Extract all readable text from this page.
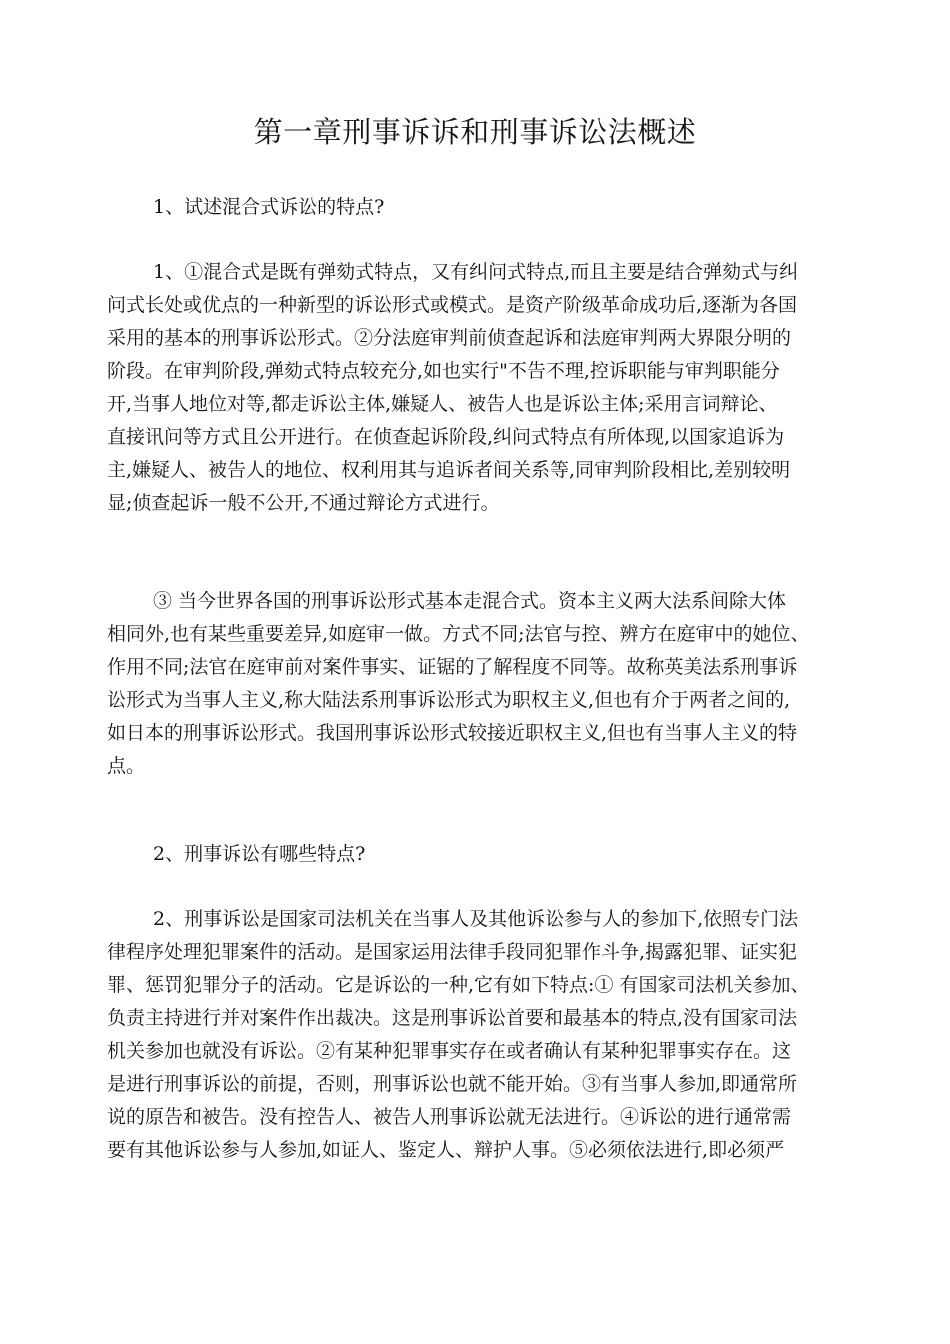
第一章刑事诉诉和刑事诉讼法概述

1、试述混合式诉讼的特点?

1、①混合式是既有弹劾式特点，又有纠问式特点,而且主要是结合弹劾式与纠
问式长处或优点的一种新型的诉讼形式或模式。是资产阶级革命成功后,逐渐为各国
采用的基本的刑事诉讼形式。②分法庭审判前侦查起诉和法庭审判两大界限分明的
阶段。在审判阶段,弹劾式特点较充分,如也实行"不告不理,控诉职能与审判职能分
开,当事人地位对等,都走诉讼主体,嫌疑人、被告人也是诉讼主体;采用言词辩论、
直接讯问等方式且公开进行。在侦查起诉阶段,纠问式特点有所体现,以国家追诉为
主,嫌疑人、被告人的地位、权利用其与追诉者间关系等,同审判阶段相比,差别较明
显;侦查起诉一般不公开,不通过辩论方式进行。
③ 当今世界各国的刑事诉讼形式基本走混合式。资本主义两大法系间除大体
相同外,也有某些重要差异,如庭审一做。方式不同;法官与控、辨方在庭审中的她位、
作用不同;法官在庭审前对案件事实、证锯的了解程度不同等。故称英美法系刑事诉
讼形式为当事人主义,称大陆法系刑事诉讼形式为职权主义,但也有介于两者之间的,
如日本的刑事诉讼形式。我国刑事诉讼形式较接近职权主义,但也有当事人主义的特
点。

2、刑事诉讼有哪些特点?

2、刑事诉讼是国家司法机关在当事人及其他诉讼参与人的参加下,依照专门法
律程序处理犯罪案件的活动。是国家运用法律手段同犯罪作斗争,揭露犯罪、证实犯
罪、惩罚犯罪分子的活动。它是诉讼的一种,它有如下特点:① 有国家司法机关参加、
负责主持进行并对案件作出裁决。这是刑事诉讼首要和最基本的特点,没有国家司法
机关参加也就没有诉讼。②有某种犯罪事实存在或者确认有某种犯罪事实存在。这
是进行刑事诉讼的前提，否则，刑事诉讼也就不能开始。③有当事人参加,即通常所
说的原告和被告。没有控告人、被告人刑事诉讼就无法进行。④诉讼的进行通常需
要有其他诉讼参与人参加,如证人、鉴定人、辩护人事。⑤必须依法进行,即必须严
